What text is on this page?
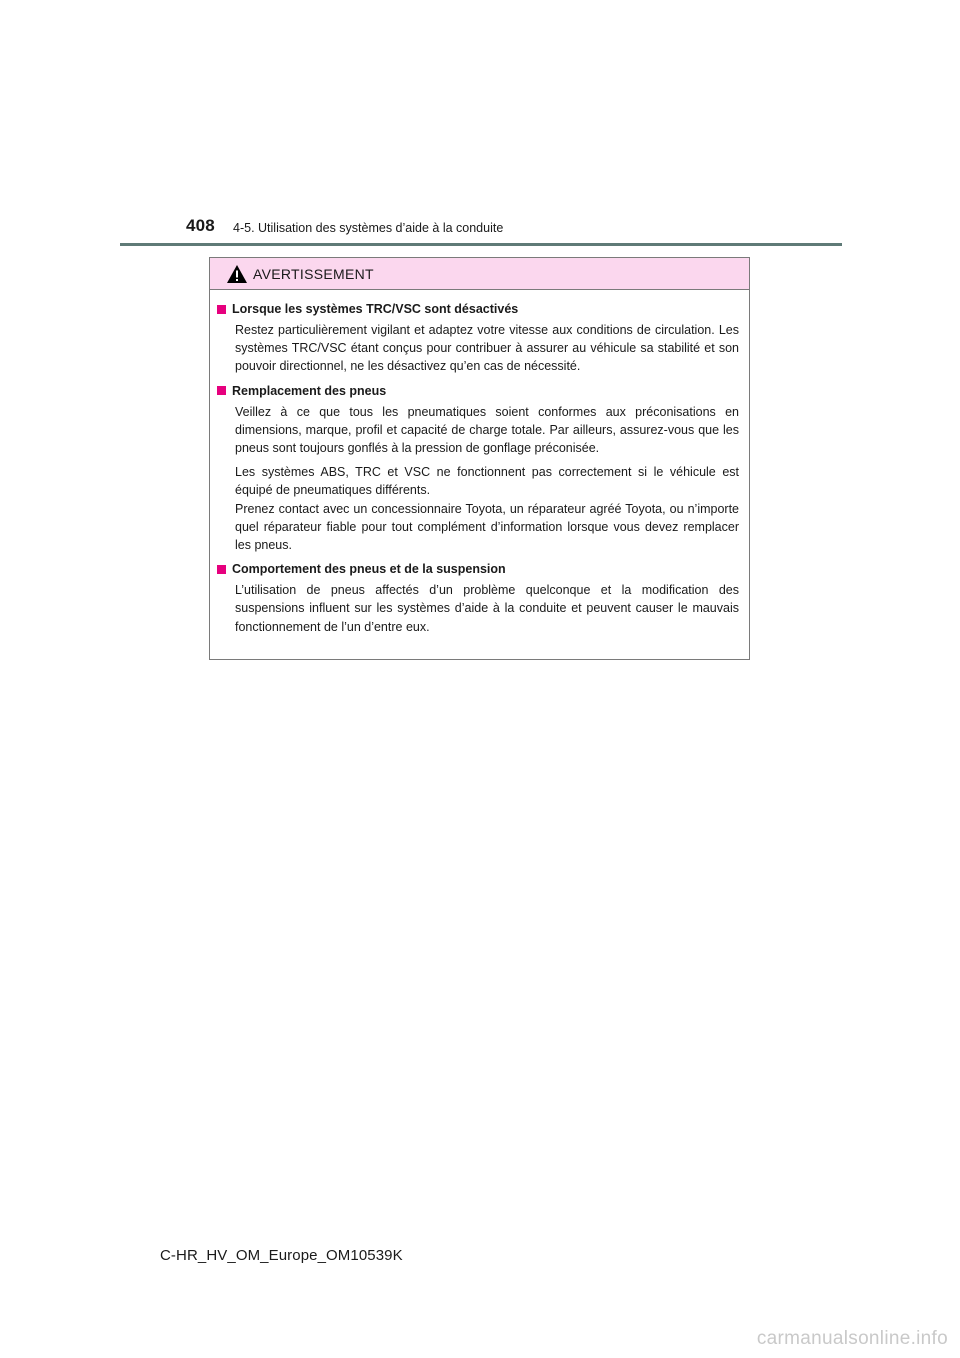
408 4-5. Utilisation des systèmes d’aide à la conduite
AVERTISSEMENT
Lorsque les systèmes TRC/VSC sont désactivés

Restez particulièrement vigilant et adaptez votre vitesse aux conditions de circulation. Les systèmes TRC/VSC étant conçus pour contribuer à assurer au véhicule sa stabilité et son pouvoir directionnel, ne les désactivez qu’en cas de nécessité.

Remplacement des pneus

Veillez à ce que tous les pneumatiques soient conformes aux préconisations en dimensions, marque, profil et capacité de charge totale. Par ailleurs, assurez-vous que les pneus sont toujours gonflés à la pression de gonflage préconisée.

Les systèmes ABS, TRC et VSC ne fonctionnent pas correctement si le véhicule est équipé de pneumatiques différents.
Prenez contact avec un concessionnaire Toyota, un réparateur agréé Toyota, ou n’importe quel réparateur fiable pour tout complément d’information lorsque vous devez remplacer les pneus.

Comportement des pneus et de la suspension

L’utilisation de pneus affectés d’un problème quelconque et la modification des suspensions influent sur les systèmes d’aide à la conduite et peuvent causer le mauvais fonctionnement de l’un d’entre eux.

C-HR_HV_OM_Europe_OM10539K
carmanualsonline.info
